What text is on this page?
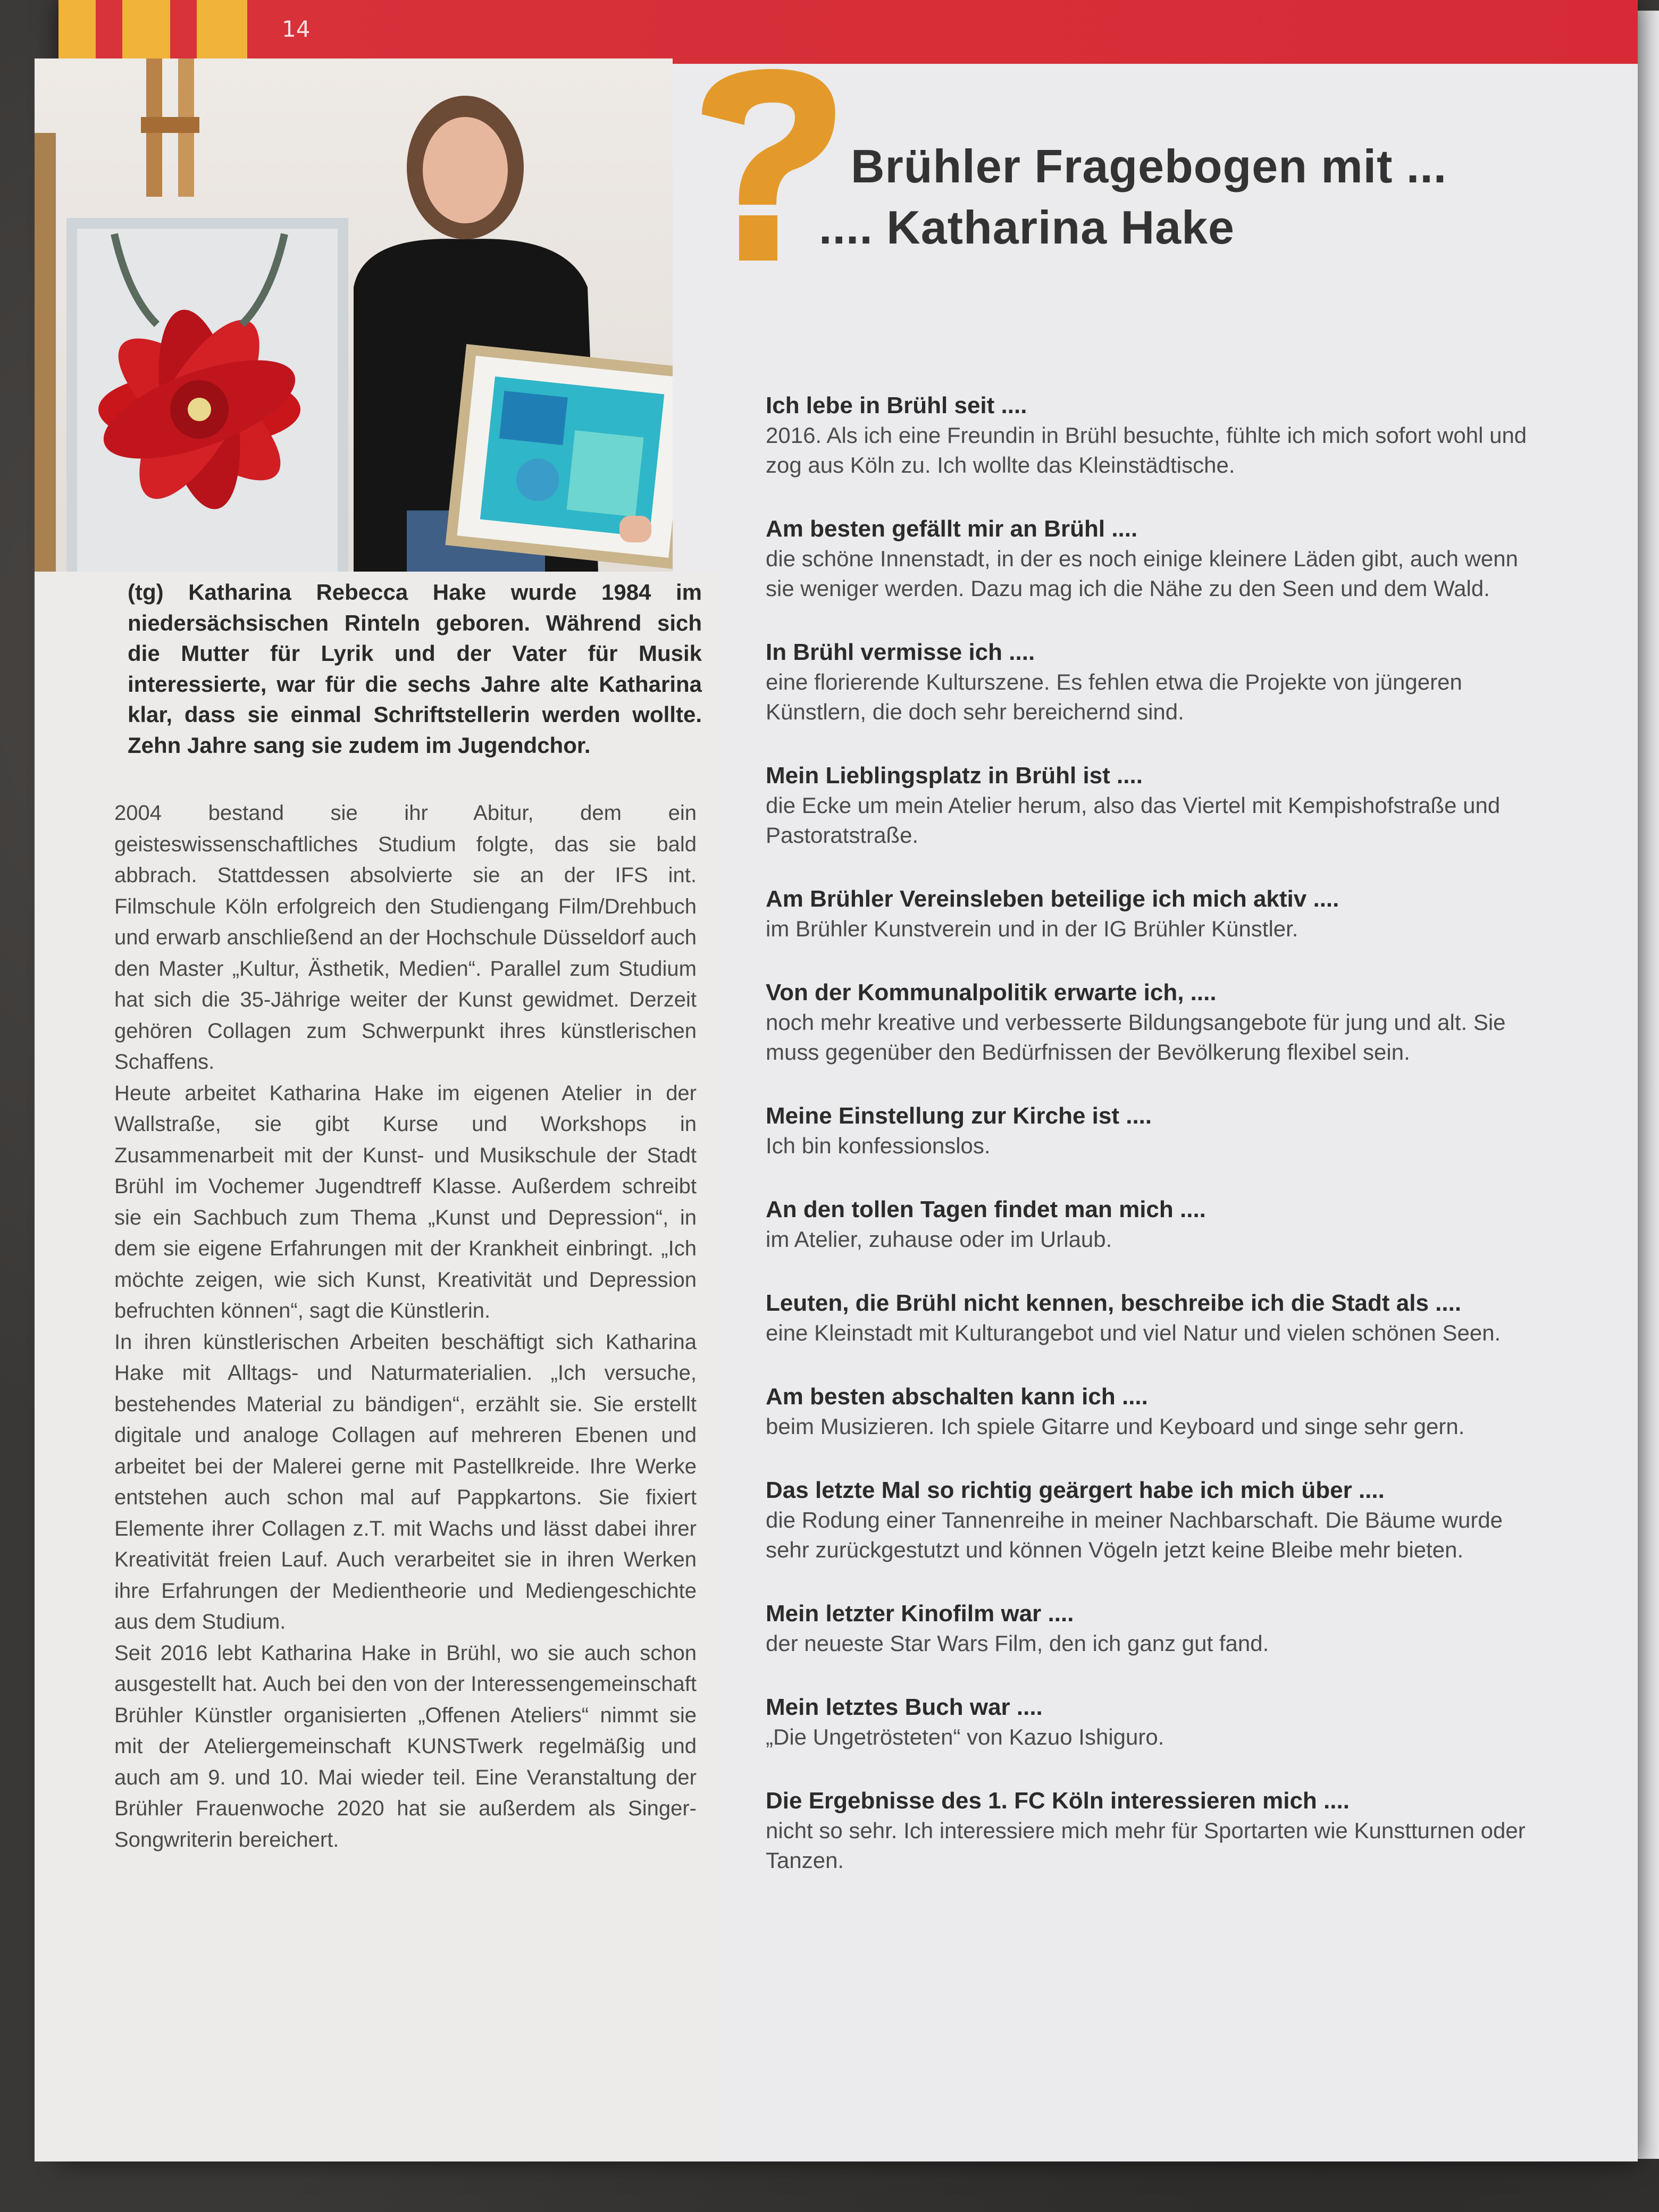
14
(tg) Katharina Rebecca Hake wurde 1984 im niedersächsischen Rinteln geboren. Während sich die Mutter für Lyrik und der Vater für Musik interessierte, war für die sechs Jahre alte Katharina klar, dass sie einmal Schriftstellerin werden wollte. Zehn Jahre sang sie zudem im Jugendchor.

2004 bestand sie ihr Abitur, dem ein geisteswissenschaftliches Studium folgte, das sie bald abbrach. Stattdessen absolvierte sie an der IFS int. Filmschule Köln erfolgreich den Studiengang Film/Drehbuch und erwarb anschließend an der Hochschule Düsseldorf auch den Master „Kultur, Ästhetik, Medien“. Parallel zum Studium hat sich die 35-Jährige weiter der Kunst gewidmet. Derzeit gehören Collagen zum Schwerpunkt ihres künstlerischen Schaffens.

Heute arbeitet Katharina Hake im eigenen Atelier in der Wallstraße, sie gibt Kurse und Workshops in Zusammenarbeit mit der Kunst- und Musikschule der Stadt Brühl im Vochemer Jugendtreff Klasse. Außerdem schreibt sie ein Sachbuch zum Thema „Kunst und Depression“, in dem sie eigene Erfahrungen mit der Krankheit einbringt. „Ich möchte zeigen, wie sich Kunst, Kreativität und Depression befruchten können“, sagt die Künstlerin.

In ihren künstlerischen Arbeiten beschäftigt sich Katharina Hake mit Alltags- und Naturmaterialien. „Ich versuche, bestehendes Material zu bändigen“, erzählt sie. Sie erstellt digitale und analoge Collagen auf mehreren Ebenen und arbeitet bei der Malerei gerne mit Pastellkreide. Ihre Werke entstehen auch schon mal auf Pappkartons. Sie fixiert Elemente ihrer Collagen z.T. mit Wachs und lässt dabei ihrer Kreativität freien Lauf. Auch verarbeitet sie in ihren Werken ihre Erfahrungen der Medientheorie und Mediengeschichte aus dem Studium.

Seit 2016 lebt Katharina Hake in Brühl, wo sie auch schon ausgestellt hat. Auch bei den von der Interessengemeinschaft Brühler Künstler organisierten „Offenen Ateliers“ nimmt sie mit der Ateliergemeinschaft KUNSTwerk regelmäßig und auch am 9. und 10. Mai wieder teil. Eine Veranstaltung der Brühler Frauenwoche 2020 hat sie außerdem als Singer-Songwriterin bereichert.

Brühler Fragebogen mit ...
.... Katharina Hake
Ich lebe in Brühl seit ....
2016. Als ich eine Freundin in Brühl besuchte, fühlte ich mich sofort wohl und zog aus Köln zu. Ich wollte das Kleinstädtische.
Am besten gefällt mir an Brühl ....
die schöne Innenstadt, in der es noch einige kleinere Läden gibt, auch wenn sie weniger werden. Dazu mag ich die Nähe zu den Seen und dem Wald.
In Brühl vermisse ich ....
eine florierende Kulturszene. Es fehlen etwa die Projekte von jüngeren Künstlern, die doch sehr bereichernd sind.
Mein Lieblingsplatz in Brühl ist ....
die Ecke um mein Atelier herum, also das Viertel mit Kempishofstraße und Pastoratstraße.
Am Brühler Vereinsleben beteilige ich mich aktiv ....
im Brühler Kunstverein und in der IG Brühler Künstler.
Von der Kommunalpolitik erwarte ich, ....
noch mehr kreative und verbesserte Bildungsangebote für jung und alt. Sie muss gegenüber den Bedürfnissen der Bevölkerung flexibel sein.
Meine Einstellung zur Kirche ist ....
Ich bin konfessionslos.
An den tollen Tagen findet man mich ....
im Atelier, zuhause oder im Urlaub.
Leuten, die Brühl nicht kennen, beschreibe ich die Stadt als ....
eine Kleinstadt mit Kulturangebot und viel Natur und vielen schönen Seen.
Am besten abschalten kann ich ....
beim Musizieren. Ich spiele Gitarre und Keyboard und singe sehr gern.
Das letzte Mal so richtig geärgert habe ich mich über ....
die Rodung einer Tannenreihe in meiner Nachbarschaft. Die Bäume wurde sehr zurückgestutzt und können Vögeln jetzt keine Bleibe mehr bieten.
Mein letzter Kinofilm war ....
der neueste Star Wars Film, den ich ganz gut fand.
Mein letztes Buch war ....
„Die Ungetrösteten“ von Kazuo Ishiguro.
Die Ergebnisse des 1. FC Köln interessieren mich ....
nicht so sehr. Ich interessiere mich mehr für Sportarten wie Kunstturnen oder Tanzen.
